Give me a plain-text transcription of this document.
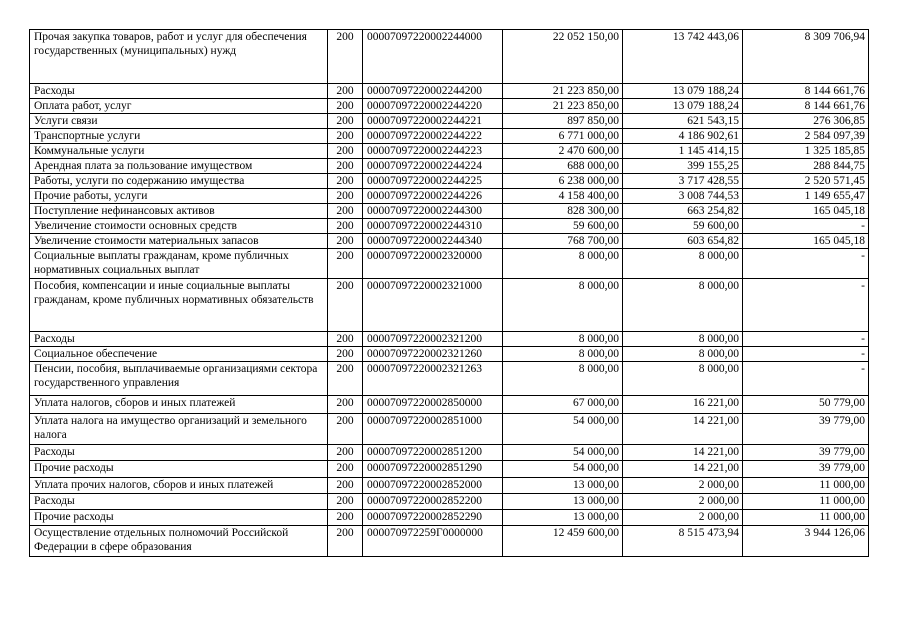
Прочая закупка товаров, работ и услуг для обеспечения государственных (муниципальных) нужд	200	00007097220002244000	22 052 150,00	13 742 443,06	8 309 706,94
Расходы	200	00007097220002244200	21 223 850,00	13 079 188,24	8 144 661,76
Оплата работ, услуг	200	00007097220002244220	21 223 850,00	13 079 188,24	8 144 661,76
Услуги связи	200	00007097220002244221	897 850,00	621 543,15	276 306,85
Транспортные услуги	200	00007097220002244222	6 771 000,00	4 186 902,61	2 584 097,39
Коммунальные услуги	200	00007097220002244223	2 470 600,00	1 145 414,15	1 325 185,85
Арендная плата за пользование имуществом	200	00007097220002244224	688 000,00	399 155,25	288 844,75
Работы, услуги по содержанию имущества	200	00007097220002244225	6 238 000,00	3 717 428,55	2 520 571,45
Прочие работы, услуги	200	00007097220002244226	4 158 400,00	3 008 744,53	1 149 655,47
Поступление нефинансовых активов	200	00007097220002244300	828 300,00	663 254,82	165 045,18
Увеличение стоимости основных средств	200	00007097220002244310	59 600,00	59 600,00	-
Увеличение стоимости материальных запасов	200	00007097220002244340	768 700,00	603 654,82	165 045,18
Социальные выплаты гражданам, кроме публичных нормативных социальных выплат	200	00007097220002320000	8 000,00	8 000,00	-
Пособия, компенсации и иные социальные выплаты гражданам, кроме публичных нормативных обязательств	200	00007097220002321000	8 000,00	8 000,00	-
Расходы	200	00007097220002321200	8 000,00	8 000,00	-
Социальное обеспечение	200	00007097220002321260	8 000,00	8 000,00	-
Пенсии, пособия, выплачиваемые организациями сектора государственного управления	200	00007097220002321263	8 000,00	8 000,00	-
Уплата налогов, сборов и иных платежей	200	00007097220002850000	67 000,00	16 221,00	50 779,00
Уплата налога на имущество организаций и земельного налога	200	00007097220002851000	54 000,00	14 221,00	39 779,00
Расходы	200	00007097220002851200	54 000,00	14 221,00	39 779,00
Прочие расходы	200	00007097220002851290	54 000,00	14 221,00	39 779,00
Уплата прочих налогов, сборов и иных платежей	200	00007097220002852000	13 000,00	2 000,00	11 000,00
Расходы	200	00007097220002852200	13 000,00	2 000,00	11 000,00
Прочие расходы	200	00007097220002852290	13 000,00	2 000,00	11 000,00
Осуществление отдельных полномочий Российской Федерации в сфере образования	200	000070972259Г0000000	12 459 600,00	8 515 473,94	3 944 126,06
